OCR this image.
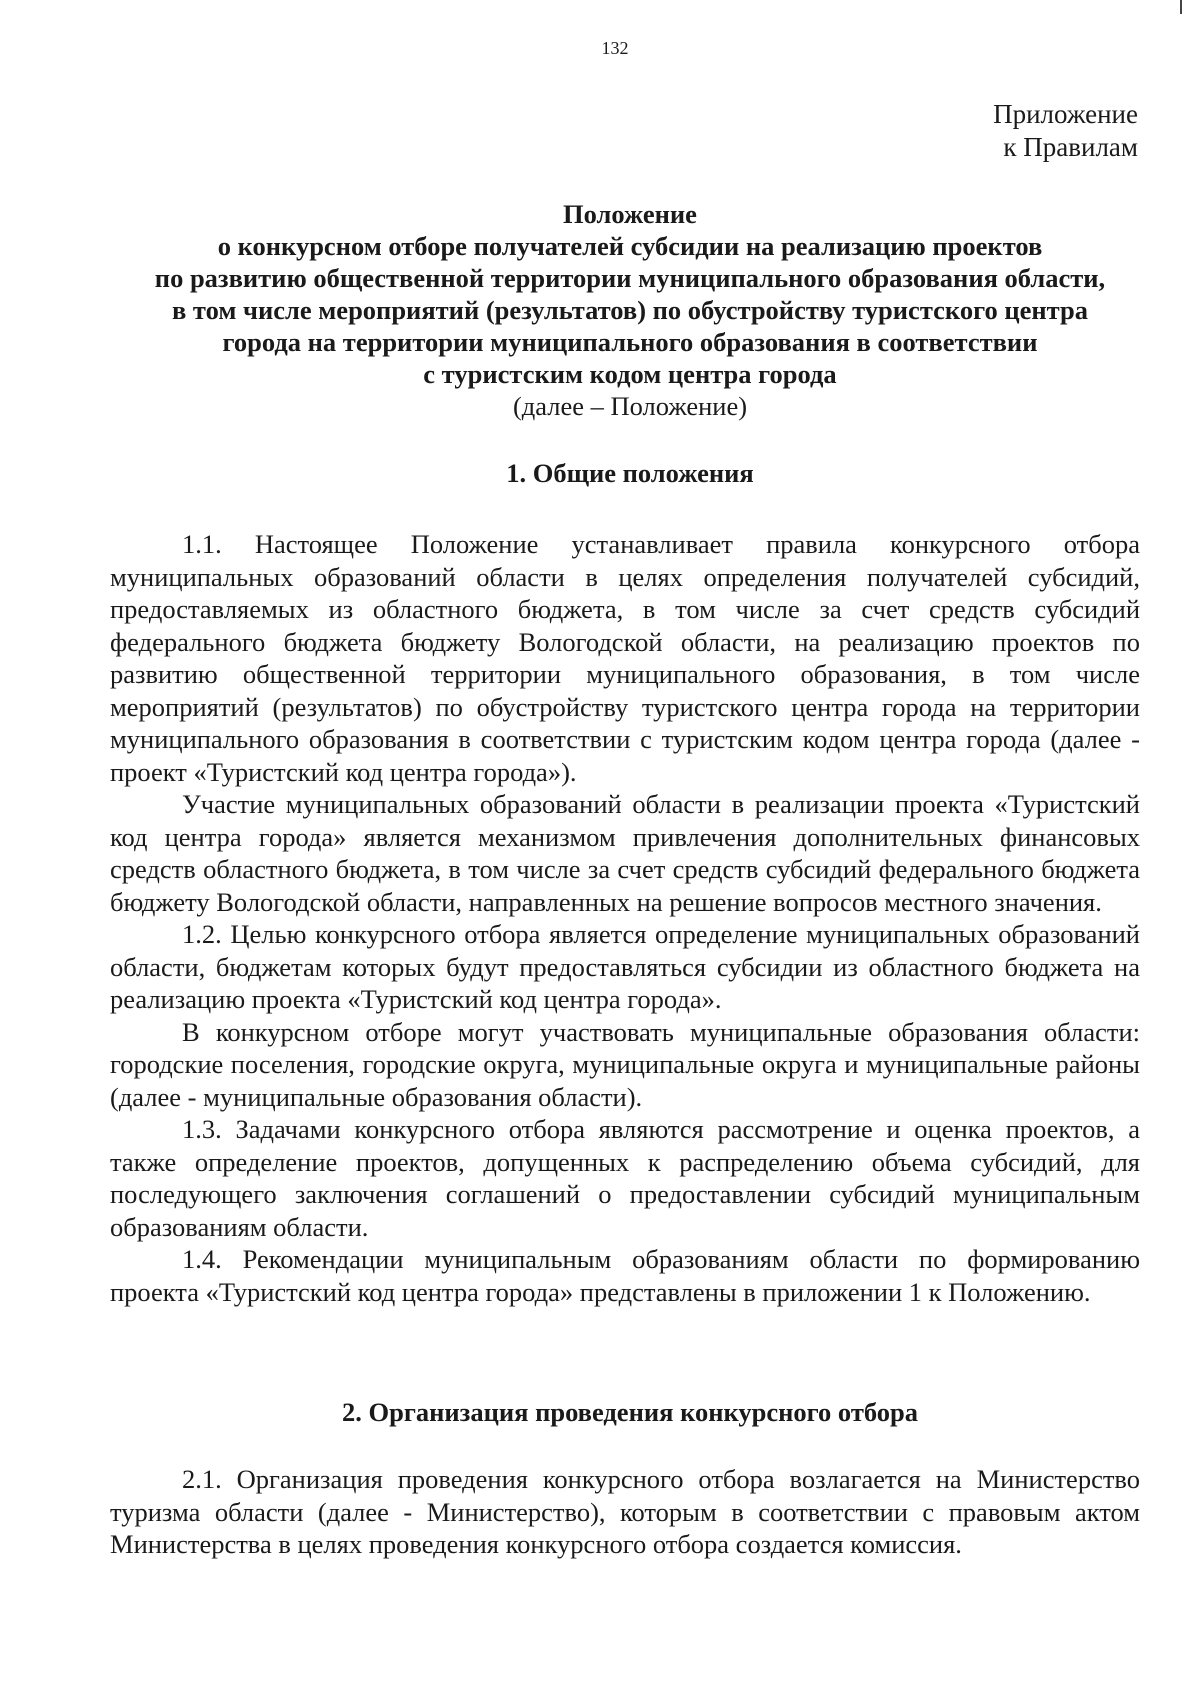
132
Приложение
к Правилам
Положение
о конкурсном отборе получателей субсидии на реализацию проектов
по развитию общественной территории муниципального образования области,
в том числе мероприятий (результатов) по обустройству туристского центра
города на территории муниципального образования в соответствии
с туристским кодом центра города
(далее – Положение)
1. Общие положения

1.1. Настоящее Положение устанавливает правила конкурсного отбора муниципальных образований области в целях определения получателей субсидий, предоставляемых из областного бюджета, в том числе за счет средств субсидий федерального бюджета бюджету Вологодской области, на реализацию проектов по развитию общественной территории муниципального образования, в том числе мероприятий (результатов) по обустройству туристского центра города на территории муниципального образования в соответствии с туристским кодом центра города (далее - проект «Туристский код центра города»).

Участие муниципальных образований области в реализации проекта «Туристский код центра города» является механизмом привлечения дополнительных финансовых средств областного бюджета, в том числе за счет средств субсидий федерального бюджета бюджету Вологодской области, направленных на решение вопросов местного значения.

1.2. Целью конкурсного отбора является определение муниципальных образований области, бюджетам которых будут предоставляться субсидии из областного бюджета на реализацию проекта «Туристский код центра города».

В конкурсном отборе могут участвовать муниципальные образования области: городские поселения, городские округа, муниципальные округа и муниципальные районы (далее - муниципальные образования области).

1.3. Задачами конкурсного отбора являются рассмотрение и оценка проектов, а также определение проектов, допущенных к распределению объема субсидий, для последующего заключения соглашений о предоставлении субсидий муниципальным образованиям области.

1.4. Рекомендации муниципальным образованиям области по формированию проекта «Туристский код центра города» представлены в приложении 1 к Положению.

2. Организация проведения конкурсного отбора

2.1. Организация проведения конкурсного отбора возлагается на Министерство туризма области (далее - Министерство), которым в соответствии с правовым актом Министерства в целях проведения конкурсного отбора создается комиссия.
